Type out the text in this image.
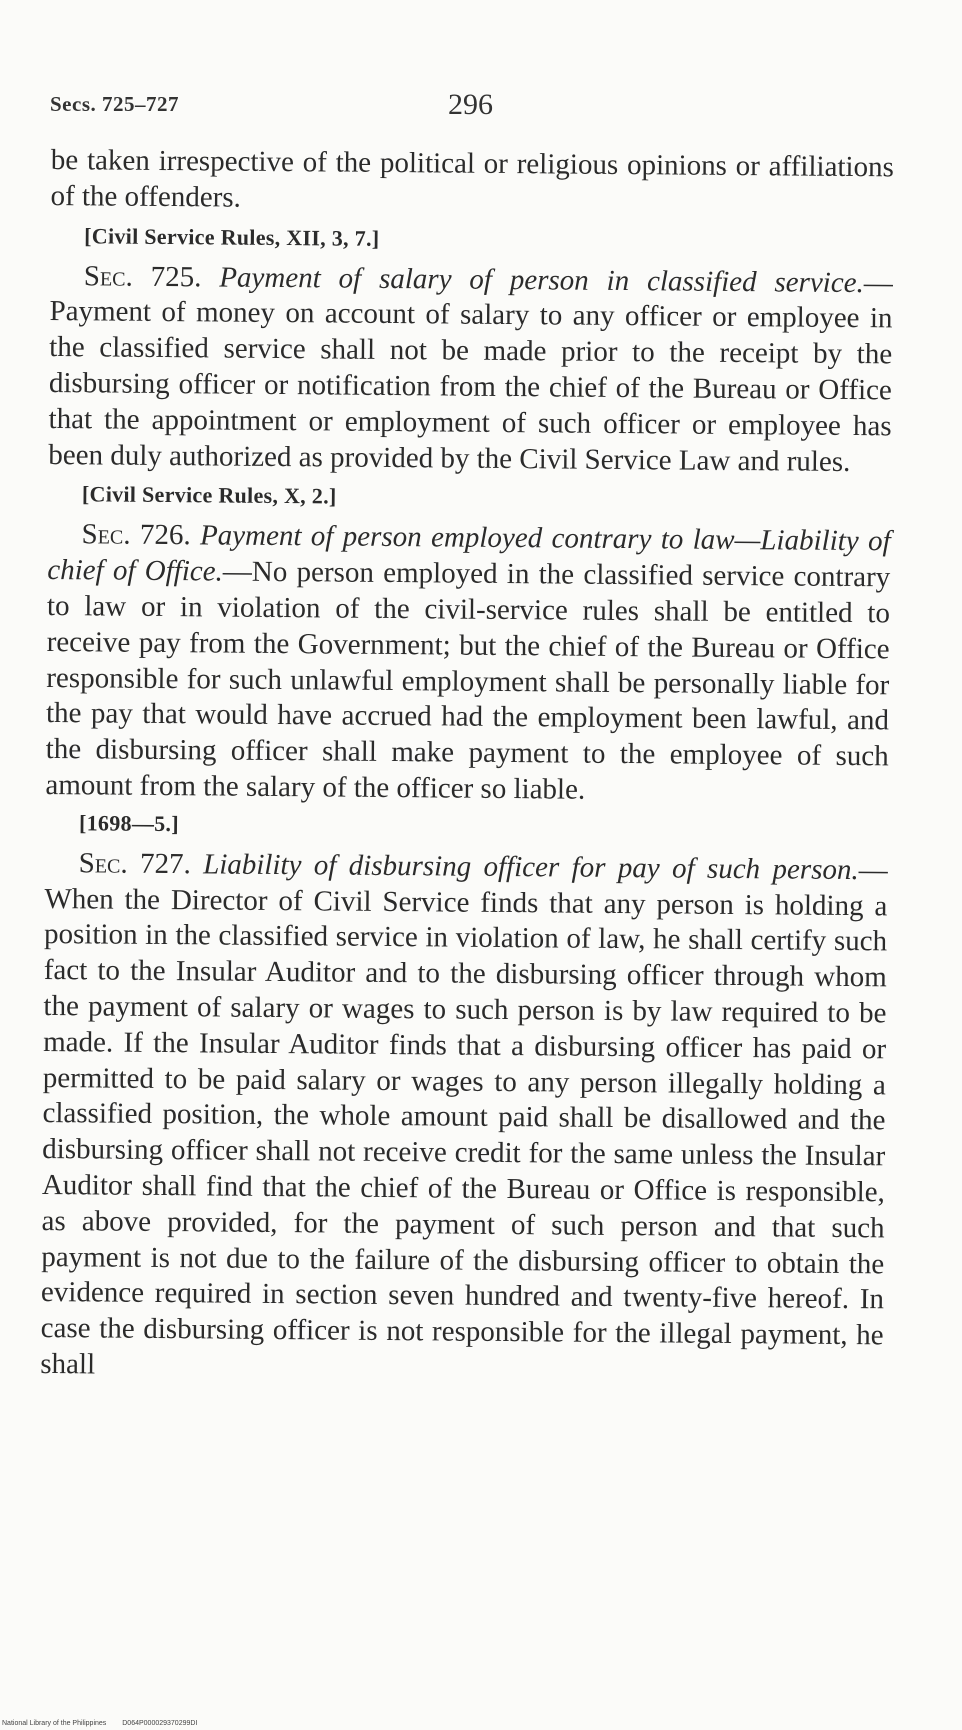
Secs. 725–727	296

be taken irrespective of the political or religious opinions or affiliations of the offenders.

[Civil Service Rules, XII, 3, 7.]

Sec. 725. Payment of salary of person in classified service.—Payment of money on account of salary to any officer or employee in the classified service shall not be made prior to the receipt by the disbursing officer or notification from the chief of the Bureau or Office that the appointment or employment of such officer or employee has been duly authorized as provided by the Civil Service Law and rules.

[Civil Service Rules, X, 2.]

Sec. 726. Payment of person employed contrary to law—Liability of chief of Office.—No person employed in the classified service contrary to law or in violation of the civil-service rules shall be entitled to receive pay from the Government; but the chief of the Bureau or Office responsible for such unlawful employment shall be personally liable for the pay that would have accrued had the employment been lawful, and the disbursing officer shall make payment to the employee of such amount from the salary of the officer so liable.

[1698—5.]

Sec. 727. Liability of disbursing officer for pay of such person.—When the Director of Civil Service finds that any person is holding a position in the classified service in violation of law, he shall certify such fact to the Insular Auditor and to the disbursing officer through whom the payment of salary or wages to such person is by law required to be made. If the Insular Auditor finds that a disbursing officer has paid or permitted to be paid salary or wages to any person illegally holding a classified position, the whole amount paid shall be disallowed and the disbursing officer shall not receive credit for the same unless the Insular Auditor shall find that the chief of the Bureau or Office is responsible, as above provided, for the payment of such person and that such payment is not due to the failure of the disbursing officer to obtain the evidence required in section seven hundred and twenty-five hereof. In case the disbursing officer is not responsible for the illegal payment, he shall

National Library of the Philippines D064P000029370299DI
